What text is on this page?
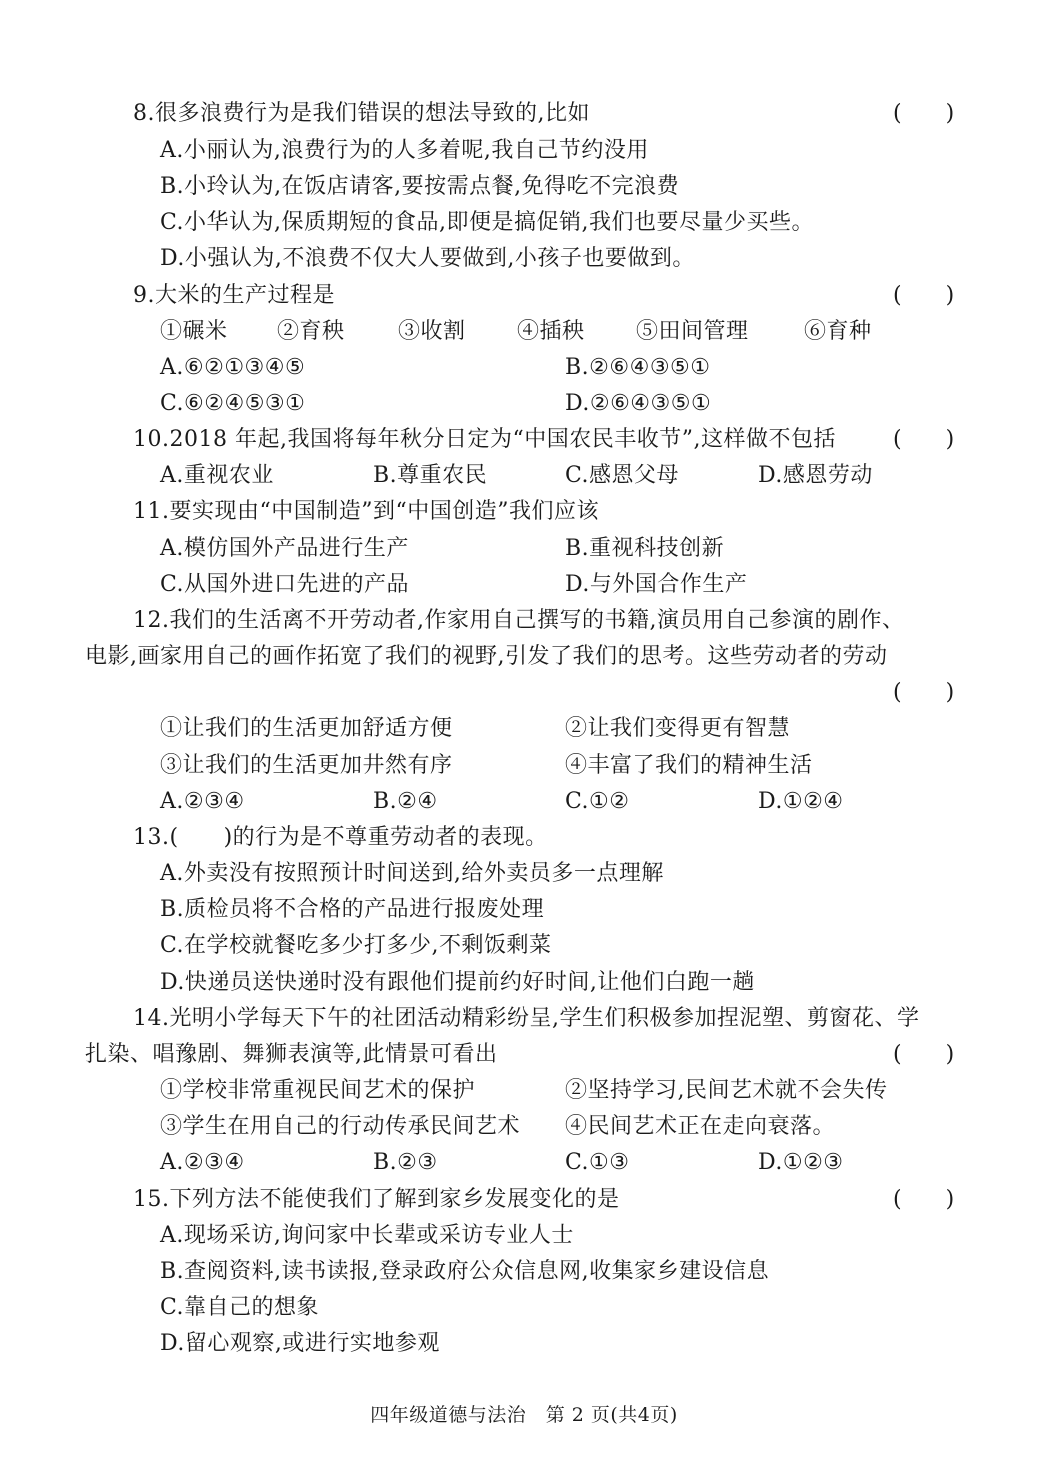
8.很多浪费行为是我们错误的想法导致的,比如	(　　)
A.小丽认为,浪费行为的人多着呢,我自己节约没用
B.小玲认为,在饭店请客,要按需点餐,免得吃不完浪费
C.小华认为,保质期短的食品,即便是搞促销,我们也要尽量少买些。
D.小强认为,不浪费不仅大人要做到,小孩子也要做到。
9.大米的生产过程是	(　　)
①碾米 ②育秧 ③收割 ④插秧 ⑤田间管理	⑥育种
A.⑥②①③④⑤	B.②⑥④③⑤①
C.⑥②④⑤③①	D.②⑥④③⑤①
10.2018 年起,我国将每年秋分日定为“中国农民丰收节”,这样做不包括	(　　)
A.重视农业	B.尊重农民	C.感恩父母	D.感恩劳动
11.要实现由“中国制造”到“中国创造”我们应该
A.模仿国外产品进行生产	B.重视科技创新
C.从国外进口先进的产品	D.与外国合作生产
12.我们的生活离不开劳动者,作家用自己撰写的书籍,演员用自己参演的剧作、
电影,画家用自己的画作拓宽了我们的视野,引发了我们的思考。这些劳动者的劳动
(　　)
①让我们的生活更加舒适方便	②让我们变得更有智慧
③让我们的生活更加井然有序	④丰富了我们的精神生活
A.②③④	B.②④	C.①②	D.①②④
13.(　　)的行为是不尊重劳动者的表现。
A.外卖没有按照预计时间送到,给外卖员多一点理解
B.质检员将不合格的产品进行报废处理
C.在学校就餐吃多少打多少,不剩饭剩菜
D.快递员送快递时没有跟他们提前约好时间,让他们白跑一趟
14.光明小学每天下午的社团活动精彩纷呈,学生们积极参加捏泥塑、剪窗花、学
扎染、唱豫剧、舞狮表演等,此情景可看出	(　　)
①学校非常重视民间艺术的保护	②坚持学习,民间艺术就不会失传
③学生在用自己的行动传承民间艺术 ④民间艺术正在走向衰落。
A.②③④	B.②③	C.①③	D.①②③
15.下列方法不能使我们了解到家乡发展变化的是	(　　)
A.现场采访,询问家中长辈或采访专业人士
B.查阅资料,读书读报,登录政府公众信息网,收集家乡建设信息
C.靠自己的想象
D.留心观察,或进行实地参观
四年级道德与法治　第 2 页(共4页)
